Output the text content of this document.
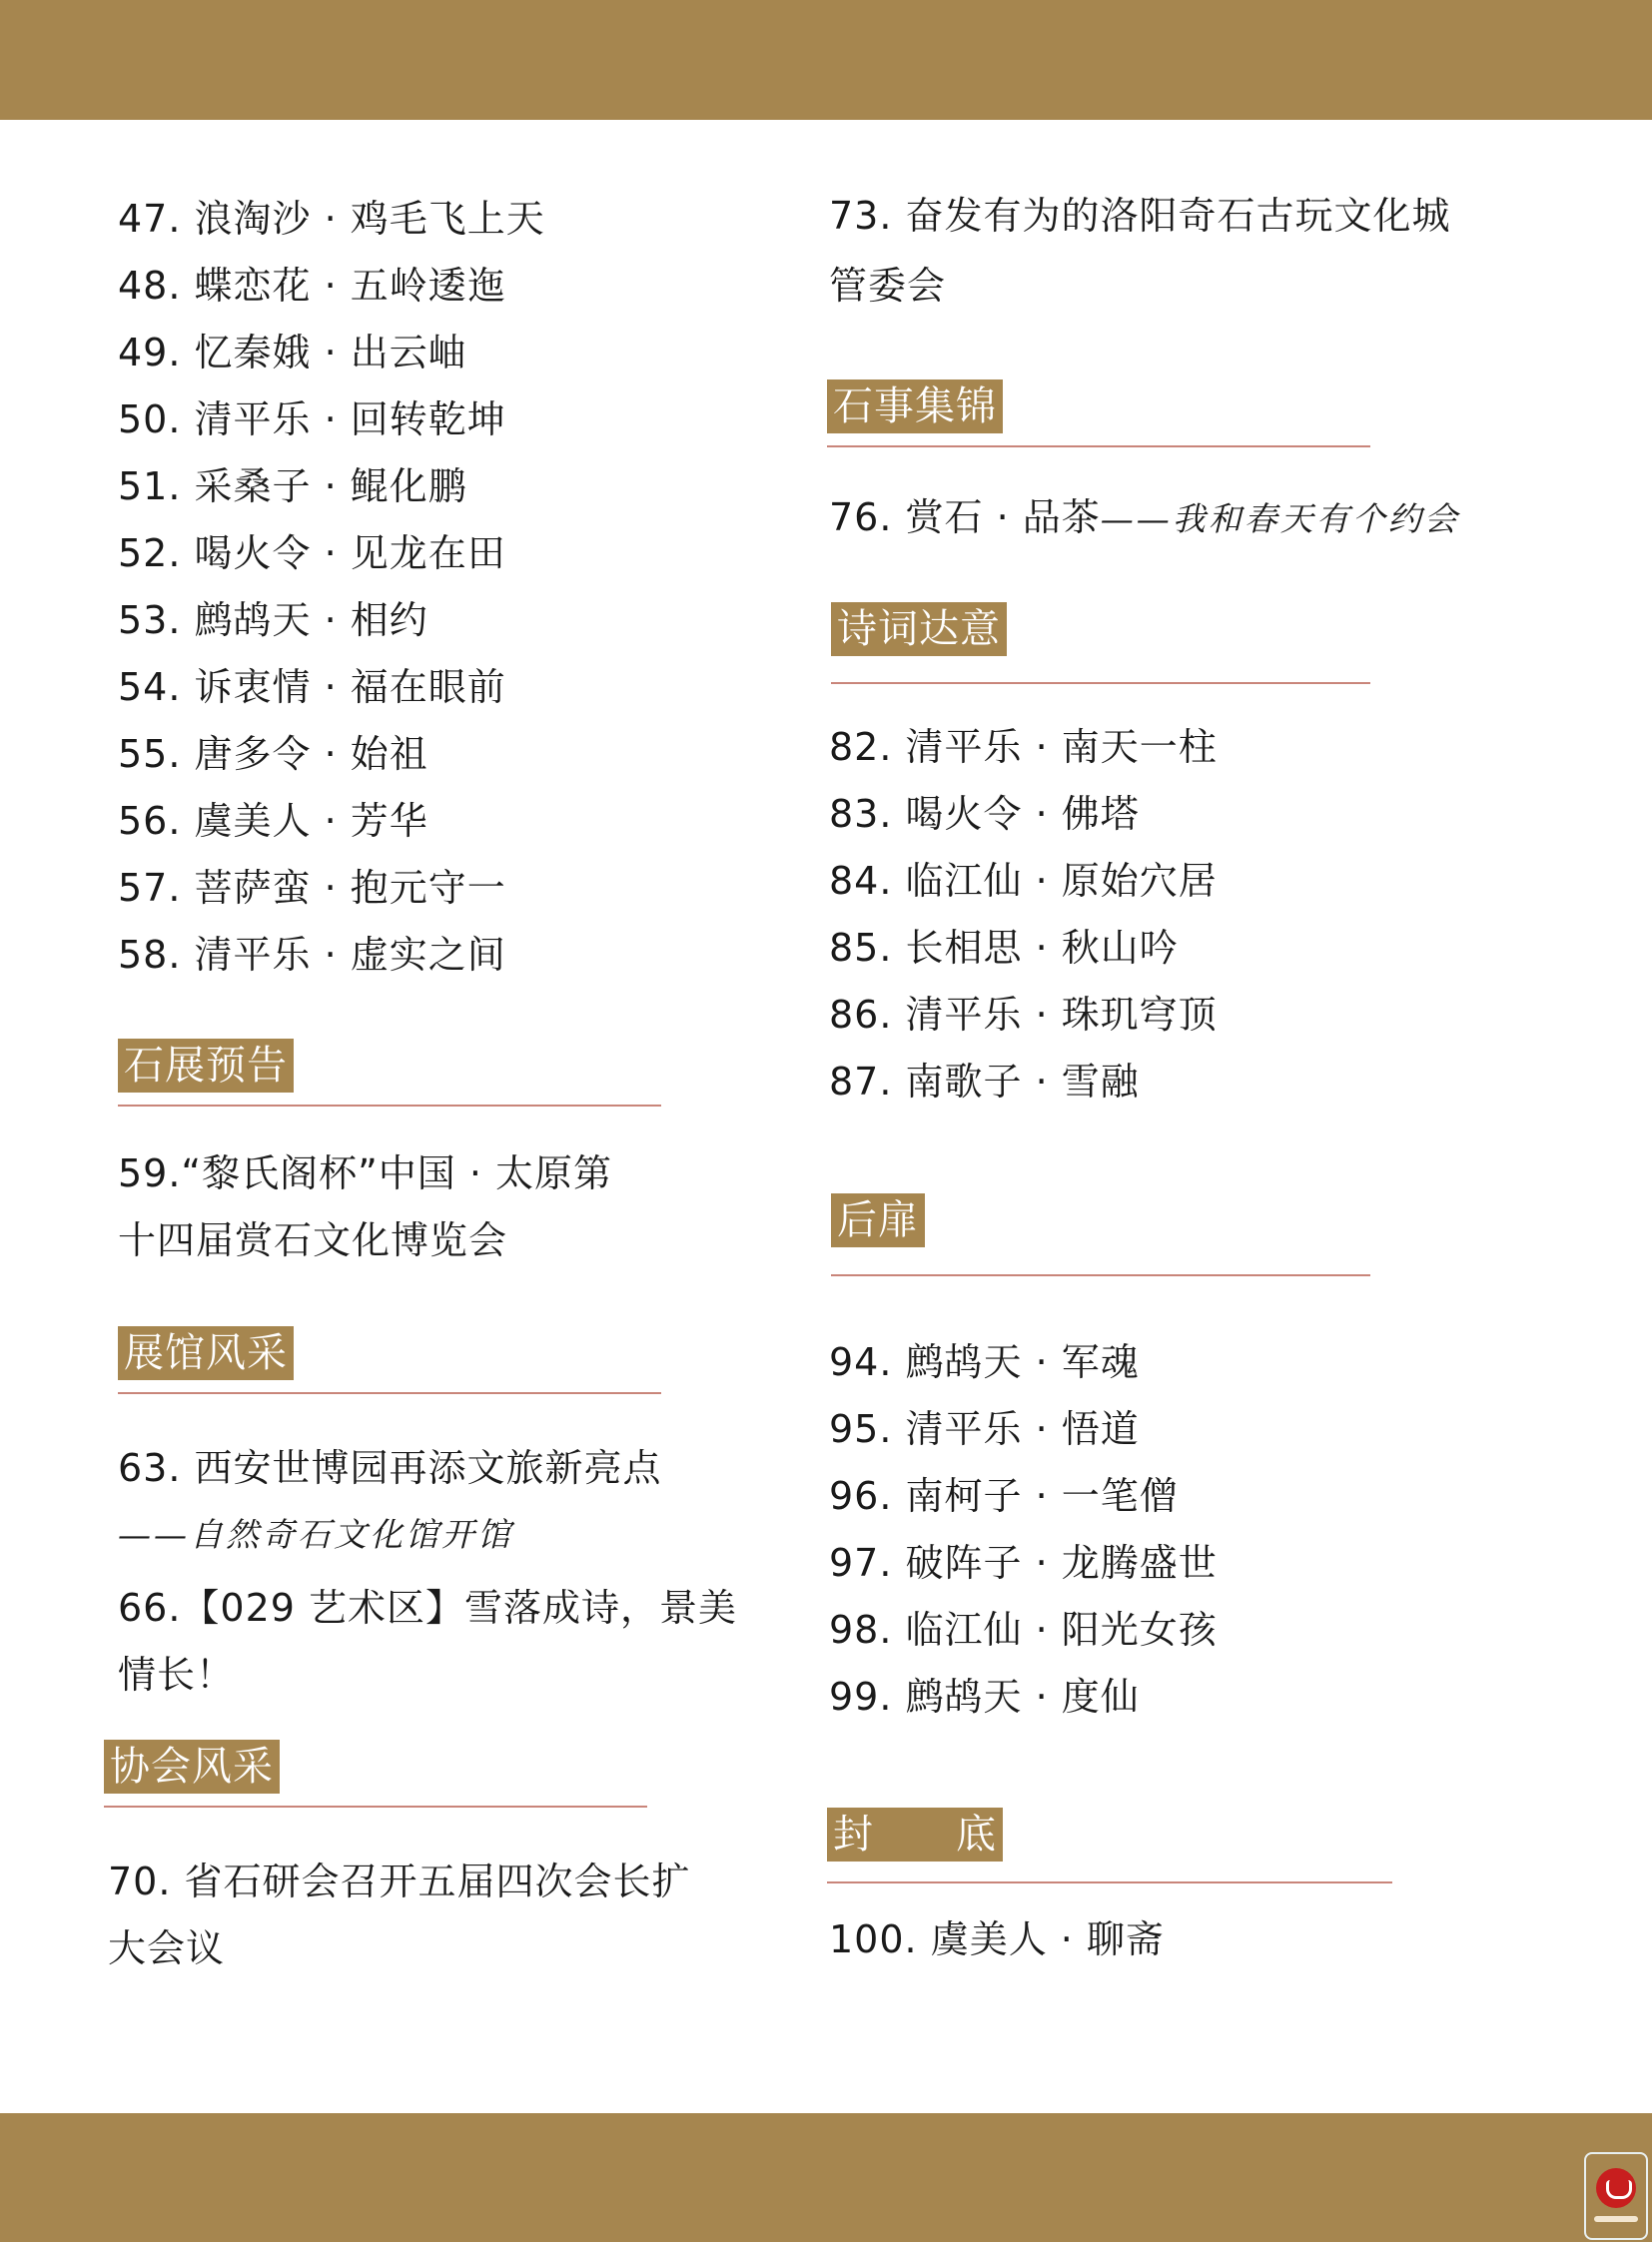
47. 浪淘沙 · 鸡毛飞上天
48. 蝶恋花 · 五岭逶迤
49. 忆秦娥 · 出云岫
50. 清平乐 · 回转乾坤
51. 采桑子 · 鲲化鹏
52. 喝火令 · 见龙在田
53. 鹧鸪天 · 相约
54. 诉衷情 · 福在眼前
55. 唐多令 · 始祖
56. 虞美人 · 芳华
57. 菩萨蛮 · 抱元守一
58. 清平乐 · 虚实之间
石展预告
59.“黎氏阁杯”中国 · 太原第
十四届赏石文化博览会
展馆风采
63. 西安世博园再添文旅新亮点
——自然奇石文化馆开馆
66.【029 艺术区】雪落成诗，景美
情长！
协会风采
70. 省石研会召开五届四次会长扩
大会议
73. 奋发有为的洛阳奇石古玩文化城
管委会
石事集锦
76. 赏石 · 品茶——我和春天有个约会
诗词达意
82. 清平乐 · 南天一柱
83. 喝火令 · 佛塔
84. 临江仙 · 原始穴居
85. 长相思 · 秋山吟
86. 清平乐 · 珠玑穹顶
87. 南歌子 · 雪融
后扉
94. 鹧鸪天 · 军魂
95. 清平乐 · 悟道
96. 南柯子 · 一笔僧
97. 破阵子 · 龙腾盛世
98. 临江仙 · 阳光女孩
99. 鹧鸪天 · 度仙
封　　底
100. 虞美人 · 聊斋
